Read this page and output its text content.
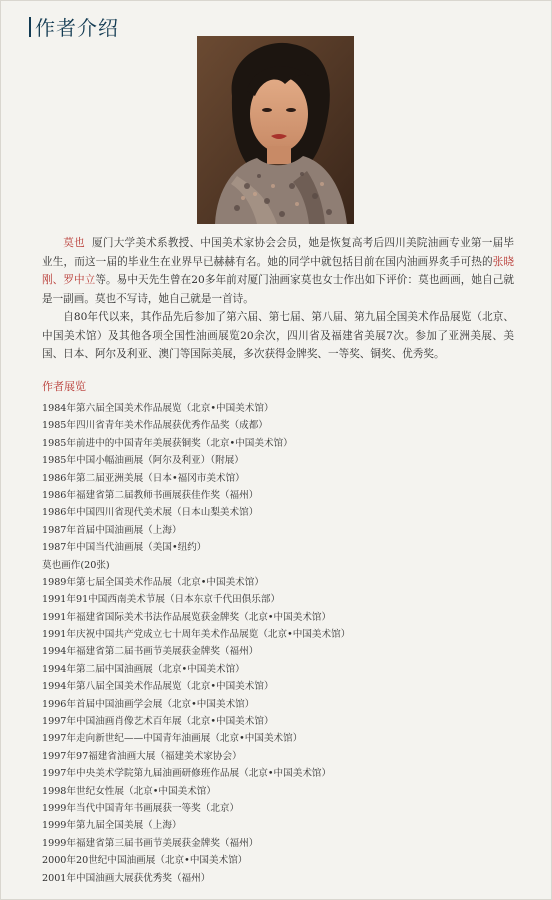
作者介绍

莫也 厦门大学美术系教授、中国美术家协会会员，她是恢复高考后四川美院油画专业第一届毕业生，而这一届的毕业生在业界早已赫赫有名。她的同学中就包括目前在国内油画界炙手可热的张晓刚、罗中立等。易中天先生曾在20多年前对厦门油画家莫也女士作出如下评价：莫也画画，她自己就是一副画。莫也不写诗，她自己就是一首诗。

自80年代以来，其作品先后参加了第六届、第七届、第八届、第九届全国美术作品展览（北京、中国美术馆）及其他各项全国性油画展览20余次，四川省及福建省美展7次。参加了亚洲美展、美国、日本、阿尔及利亚、澳门等国际美展，多次获得金牌奖、一等奖、铜奖、优秀奖。

作者展览
1984年第六届全国美术作品展览（北京•中国美术馆）
1985年四川省青年美术作品展获优秀作品奖（成都）
1985年前进中的中国青年美展获铜奖（北京•中国美术馆）
1985年中国小幅油画展（阿尔及利亚）（附展）
1986年第二届亚洲美展（日本•福冈市美术馆）
1986年福建省第二届教师书画展获佳作奖（福州）
1986年中国四川省现代美术展（日本山梨美术馆）
1987年首届中国油画展（上海）
1987年中国当代油画展（美国•纽约）
莫也画作(20张)
1989年第七届全国美术作品展（北京•中国美术馆）
1991年91中国西南美术节展（日本东京千代田俱乐部）
1991年福建省国际美术书法作品展览获金牌奖（北京•中国美术馆）
1991年庆祝中国共产党成立七十周年美术作品展览（北京•中国美术馆）
1994年福建省第二届书画节美展获金牌奖（福州）
1994年第二届中国油画展（北京•中国美术馆）
1994年第八届全国美术作品展览（北京•中国美术馆）
1996年首届中国油画学会展（北京•中国美术馆）
1997年中国油画肖像艺术百年展（北京•中国美术馆）
1997年走向新世纪——中国青年油画展（北京•中国美术馆）
1997年97福建省油画大展（福建美术家协会）
1997年中央美术学院第九届油画研修班作品展（北京•中国美术馆）
1998年世纪女性展（北京•中国美术馆）
1999年当代中国青年书画展获一等奖（北京）
1999年第九届全国美展（上海）
1999年福建省第三届书画节美展获金牌奖（福州）
2000年20世纪中国油画展（北京•中国美术馆）
2001年中国油画大展获优秀奖（福州）
